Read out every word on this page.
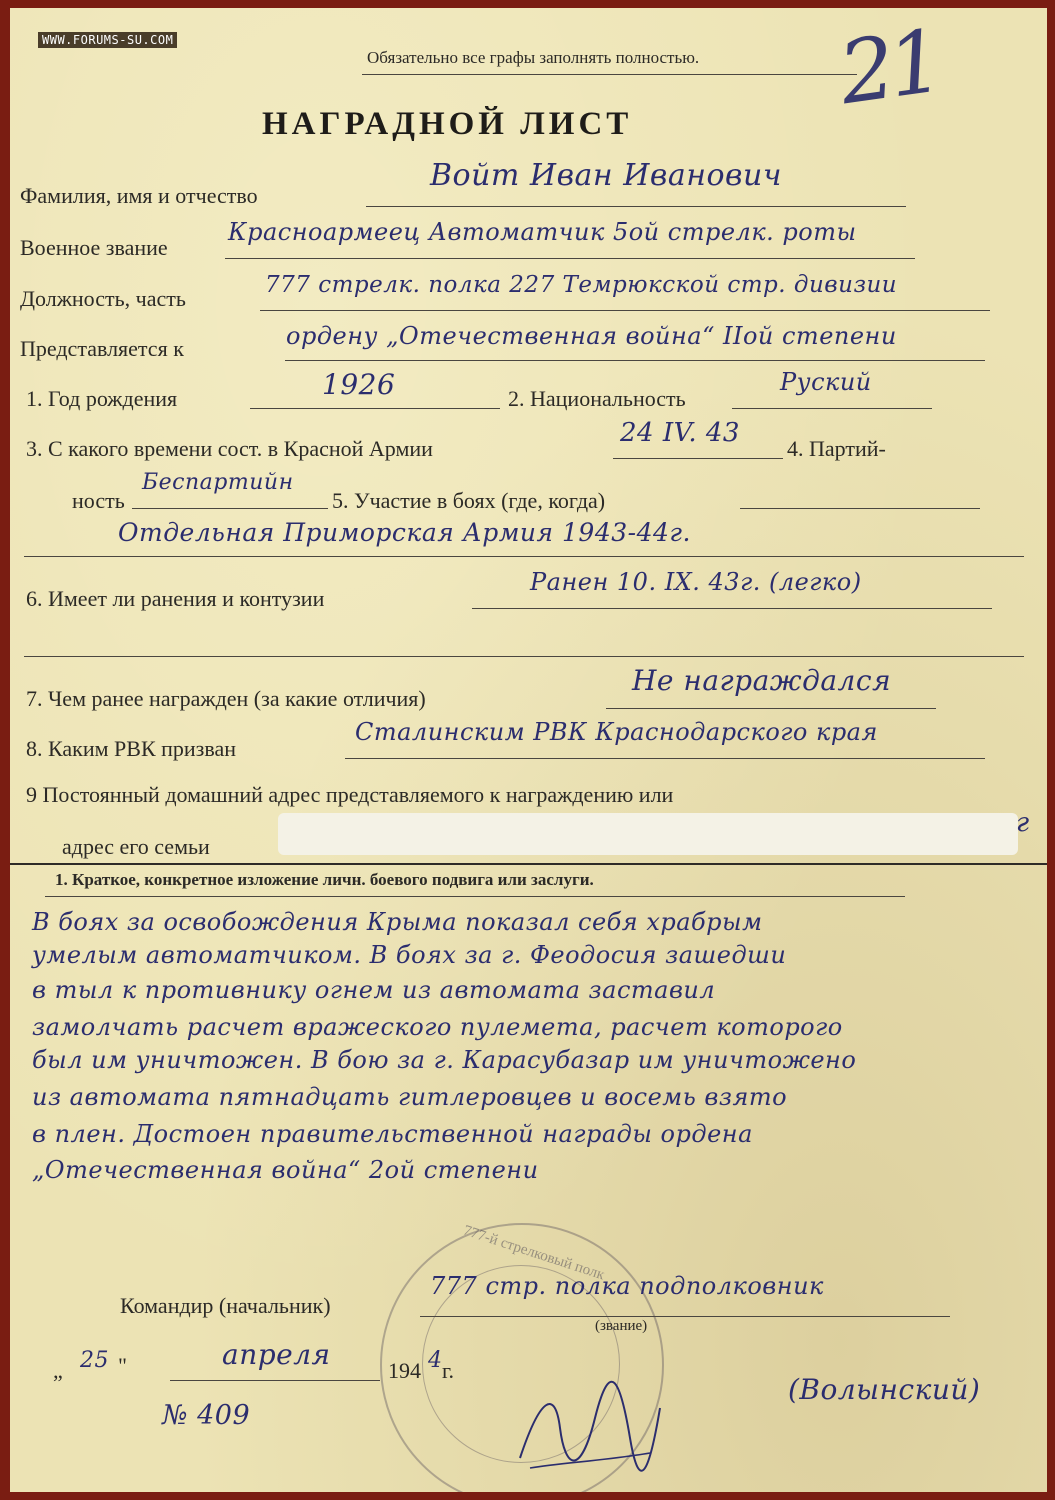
WWW.FORUMS-SU.COM
Обязательно все графы заполнять полностью. 21
НАГРАДНОЙ ЛИСТ
Фамилия, имя и отчество
Войт Иван Иванович
Военное звание
Красноармеец Автоматчик 5ой стрелк. роты
Должность, часть
777 стрелк. полка 227 Темрюкской стр. дивизии
Представляется к	ордену „Отечественная война“ IIой степени
1. Год рождения	1926	2. Национальность
Руский
3. С какого времени сост. в Красной Армии
24 IV. 43
4. Партий-
ность
Беспартийн
5. Участие в боях (где, когда)
Отдельная Приморская Армия 1943-44г.
6. Имеет ли ранения и контузии
Ранен 10. IX. 43г. (легко)
7. Чем ранее награжден (за какие отличия)
Не награждался
8. Каким РВК призван
Сталинским РВК Краснодарского края
9 Постоянный домашний адрес представляемого к награждению или
адрес его семьи
г
1. Краткое, конкретное изложение личн. боевого подвига или заслуги.
В боях за освобождения Крыма показал себя храбрым
умелым автоматчиком. В боях за г. Феодосия зашедши
в тыл к противнику огнем из автомата заставил
замолчать расчет вражеского пулемета, расчет которого
был им уничтожен. В бою за г. Карасубазар им уничтожено
из автомата пятнадцать гитлеровцев и восемь взято
в плен. Достоен правительственной награды ордена
„Отечественная война“ 2ой степени
777-й стрелковый полк
Командир (начальник)
777 стр. полка подполковник
(звание)
„ 25 "	апреля	194 4 г.
№ 409
(Волынский)
